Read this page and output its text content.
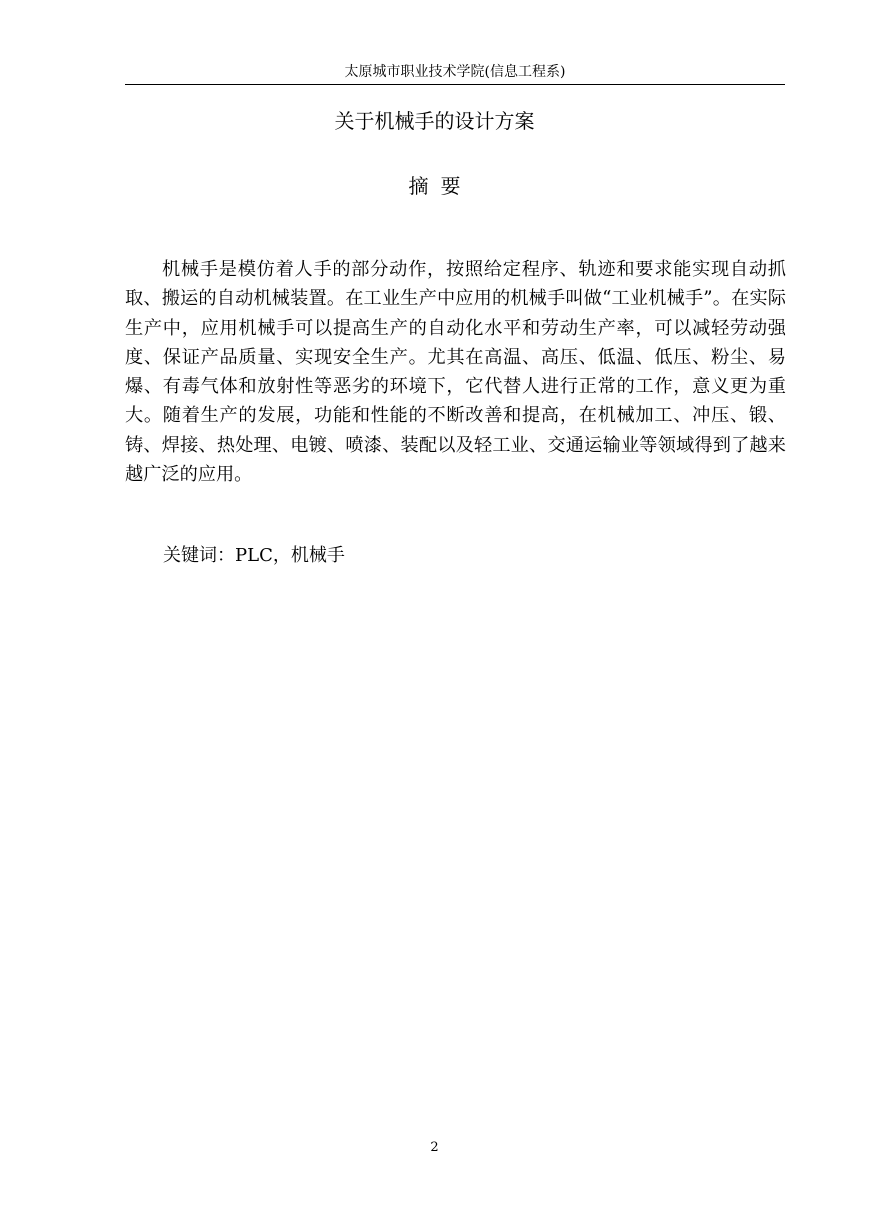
太原城市职业技术学院(信息工程系)
关于机械手的设计方案
摘要

机械手是模仿着人手的部分动作，按照给定程序、轨迹和要求能实现自动抓取、搬运的自动机械装置。在工业生产中应用的机械手叫做“工业机械手”。在实际生产中，应用机械手可以提高生产的自动化水平和劳动生产率，可以减轻劳动强度、保证产品质量、实现安全生产。尤其在高温、高压、低温、低压、粉尘、易爆、有毒气体和放射性等恶劣的环境下，它代替人进行正常的工作，意义更为重大。随着生产的发展，功能和性能的不断改善和提高，在机械加工、冲压、锻、铸、焊接、热处理、电镀、喷漆、装配以及轻工业、交通运输业等领域得到了越来越广泛的应用。

关键词：PLC，机械手
2
